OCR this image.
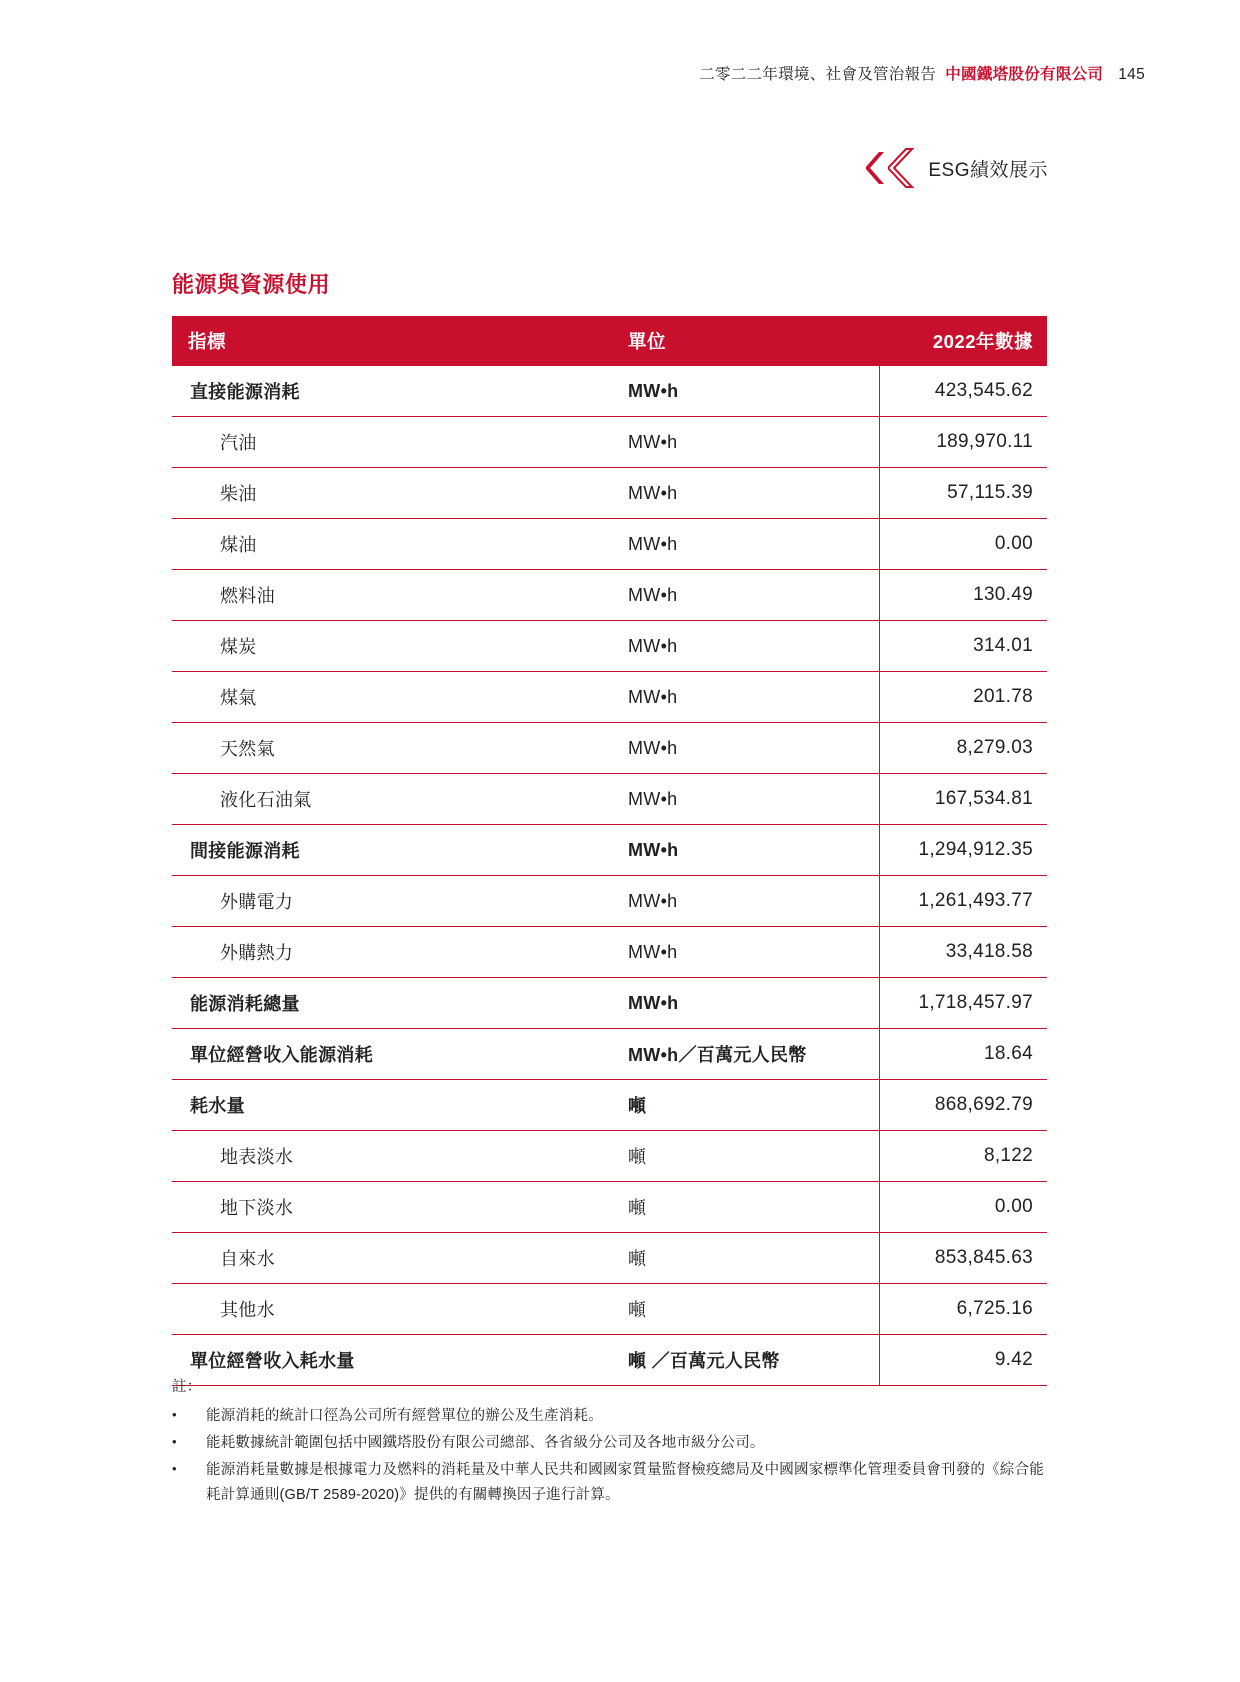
二零二二年環境、社會及管治報告 中國鐵塔股份有限公司 145
ESG績效展示
能源與資源使用
指標	單位	2022年數據
直接能源消耗	MW•h	423,545.62
汽油	MW•h	189,970.11
柴油	MW•h	57,115.39
煤油	MW•h	0.00
燃料油	MW•h	130.49
煤炭	MW•h	314.01
煤氣	MW•h	201.78
天然氣	MW•h	8,279.03
液化石油氣	MW•h	167,534.81
間接能源消耗	MW•h	1,294,912.35
外購電力	MW•h	1,261,493.77
外購熱力	MW•h	33,418.58
能源消耗總量	MW•h	1,718,457.97
單位經營收入能源消耗	MW•h／百萬元人民幣	18.64
耗水量	噸	868,692.79
地表淡水	噸	8,122
地下淡水	噸	0.00
自來水	噸	853,845.63
其他水	噸	6,725.16
單位經營收入耗水量	噸 ／百萬元人民幣	9.42
註：
•	能源消耗的統計口徑為公司所有經營單位的辦公及生產消耗。
•	能耗數據統計範圍包括中國鐵塔股份有限公司總部、各省級分公司及各地市級分公司。
•	能源消耗量數據是根據電力及燃料的消耗量及中華人民共和國國家質量監督檢疫總局及中國國家標準化管理委員會刊發的《綜合能耗計算通則(GB/T 2589-2020)》提供的有關轉換因子進行計算。
